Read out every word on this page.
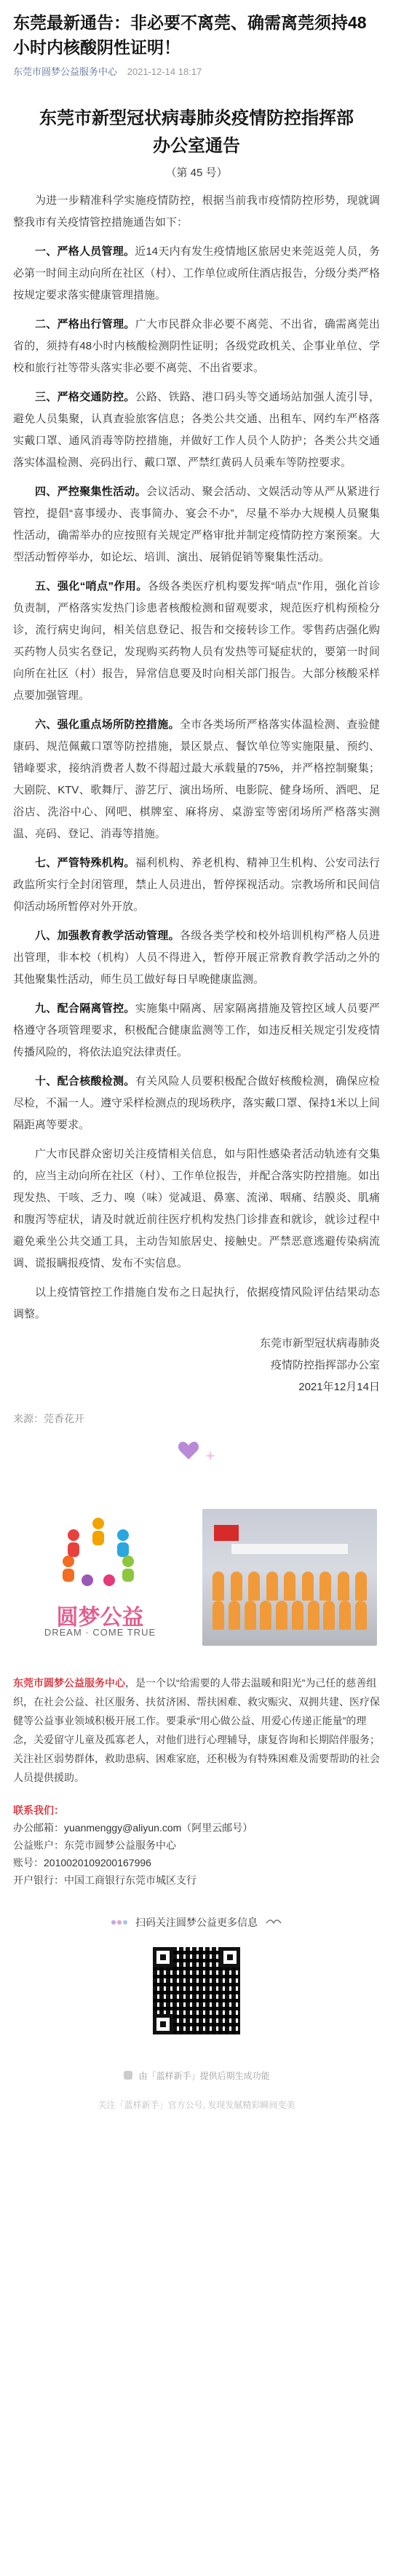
东莞最新通告：非必要不离莞、确需离莞须持48小时内核酸阴性证明！
东莞市圆梦公益服务中心 2021-12-14 18:17
东莞市新型冠状病毒肺炎疫情防控指挥部
办公室通告
（第 45 号）

为进一步精准科学实施疫情防控，根据当前我市疫情防控形势，现就调整我市有关疫情管控措施通告如下：

一、严格人员管理。近14天内有发生疫情地区旅居史来莞返莞人员，务必第一时间主动向所在社区（村）、工作单位或所住酒店报告，分级分类严格按规定要求落实健康管理措施。

二、严格出行管理。广大市民群众非必要不离莞、不出省，确需离莞出省的，须持有48小时内核酸检测阴性证明；各级党政机关、企事业单位、学校和旅行社等带头落实非必要不离莞、不出省要求。

三、严格交通防控。公路、铁路、港口码头等交通场站加强人流引导，避免人员集聚，认真查验旅客信息；各类公共交通、出租车、网约车严格落实戴口罩、通风消毒等防控措施，并做好工作人员个人防护；各类公共交通落实体温检测、亮码出行、戴口罩、严禁红黄码人员乘车等防控要求。

四、严控聚集性活动。会议活动、聚会活动、文娱活动等从严从紧进行管控，提倡“喜事缓办、丧事简办、宴会不办”，尽量不举办大规模人员聚集性活动，确需举办的应按照有关规定严格审批并制定疫情防控方案预案。大型活动暂停举办，如论坛、培训、演出、展销促销等聚集性活动。

五、强化“哨点”作用。各级各类医疗机构要发挥“哨点”作用，强化首诊负责制，严格落实发热门诊患者核酸检测和留观要求，规范医疗机构预检分诊，流行病史询问，相关信息登记、报告和交接转诊工作。零售药店强化购买药物人员实名登记，发现购买药物人员有发热等可疑症状的，要第一时间向所在社区（村）报告，异常信息要及时向相关部门报告。大部分核酸采样点要加强管理。

六、强化重点场所防控措施。全市各类场所严格落实体温检测、查验健康码、规范佩戴口罩等防控措施，景区景点、餐饮单位等实施限量、预约、错峰要求，接纳消费者人数不得超过最大承载量的75%，并严格控制聚集；大剧院、KTV、歌舞厅、游艺厅、演出场所、电影院、健身场所、酒吧、足浴店、洗浴中心、网吧、棋牌室、麻将房、桌游室等密闭场所严格落实测温、亮码、登记、消毒等措施。

七、严管特殊机构。福利机构、养老机构、精神卫生机构、公安司法行政监所实行全封闭管理，禁止人员进出，暂停探视活动。宗教场所和民间信仰活动场所暂停对外开放。

八、加强教育教学活动管理。各级各类学校和校外培训机构严格人员进出管理，非本校（机构）人员不得进入，暂停开展正常教育教学活动之外的其他聚集性活动，师生员工做好每日早晚健康监测。

九、配合隔离管控。实施集中隔离、居家隔离措施及管控区域人员要严格遵守各项管理要求，积极配合健康监测等工作，如违反相关规定引发疫情传播风险的，将依法追究法律责任。

十、配合核酸检测。有关风险人员要积极配合做好核酸检测，确保应检尽检，不漏一人。遵守采样检测点的现场秩序，落实戴口罩、保持1米以上间隔距离等要求。

广大市民群众密切关注疫情相关信息，如与阳性感染者活动轨迹有交集的，应当主动向所在社区（村）、工作单位报告，并配合落实防控措施。如出现发热、干咳、乏力、嗅（味）觉减退、鼻塞、流涕、咽痛、结膜炎、肌痛和腹泻等症状，请及时就近前往医疗机构发热门诊排查和就诊，就诊过程中避免乘坐公共交通工具，主动告知旅居史、接触史。严禁恶意逃避传染病流调、谎报瞒报疫情、发布不实信息。

以上疫情管控工作措施自发布之日起执行，依据疫情风险评估结果动态调整。

东莞市新型冠状病毒肺炎
疫情防控指挥部办公室
2021年12月14日
来源：莞香花开

圆梦公益
DREAM · COME TRUE
东莞市圆梦公益服务中心，是一个以“给需要的人带去温暖和阳光”为己任的慈善组织，在社会公益、社区服务、扶贫济困、帮扶困难、救灾赈灾、双拥共建、医疗保健等公益事业领域积极开展工作。要秉承“用心做公益、用爱心传递正能量”的理念，关爱留守儿童及孤寡老人，对他们进行心理辅导，康复咨询和长期陪伴服务；关注社区弱势群体，救助患病、困难家庭，还积极为有特殊困难及需要帮助的社会人员提供援助。
联系我们：
办公邮箱：yuanmenggy@aliyun.com（阿里云邮号）
公益账户：东莞市圆梦公益服务中心
账号：2010020109200167996
开户银行：中国工商银行东莞市城区支行
扫码关注圆梦公益更多信息
由「蓝样新手」提供后期生成功能
关注「蓝样新手」官方公号, 发现发腻精彩瞬间变美
